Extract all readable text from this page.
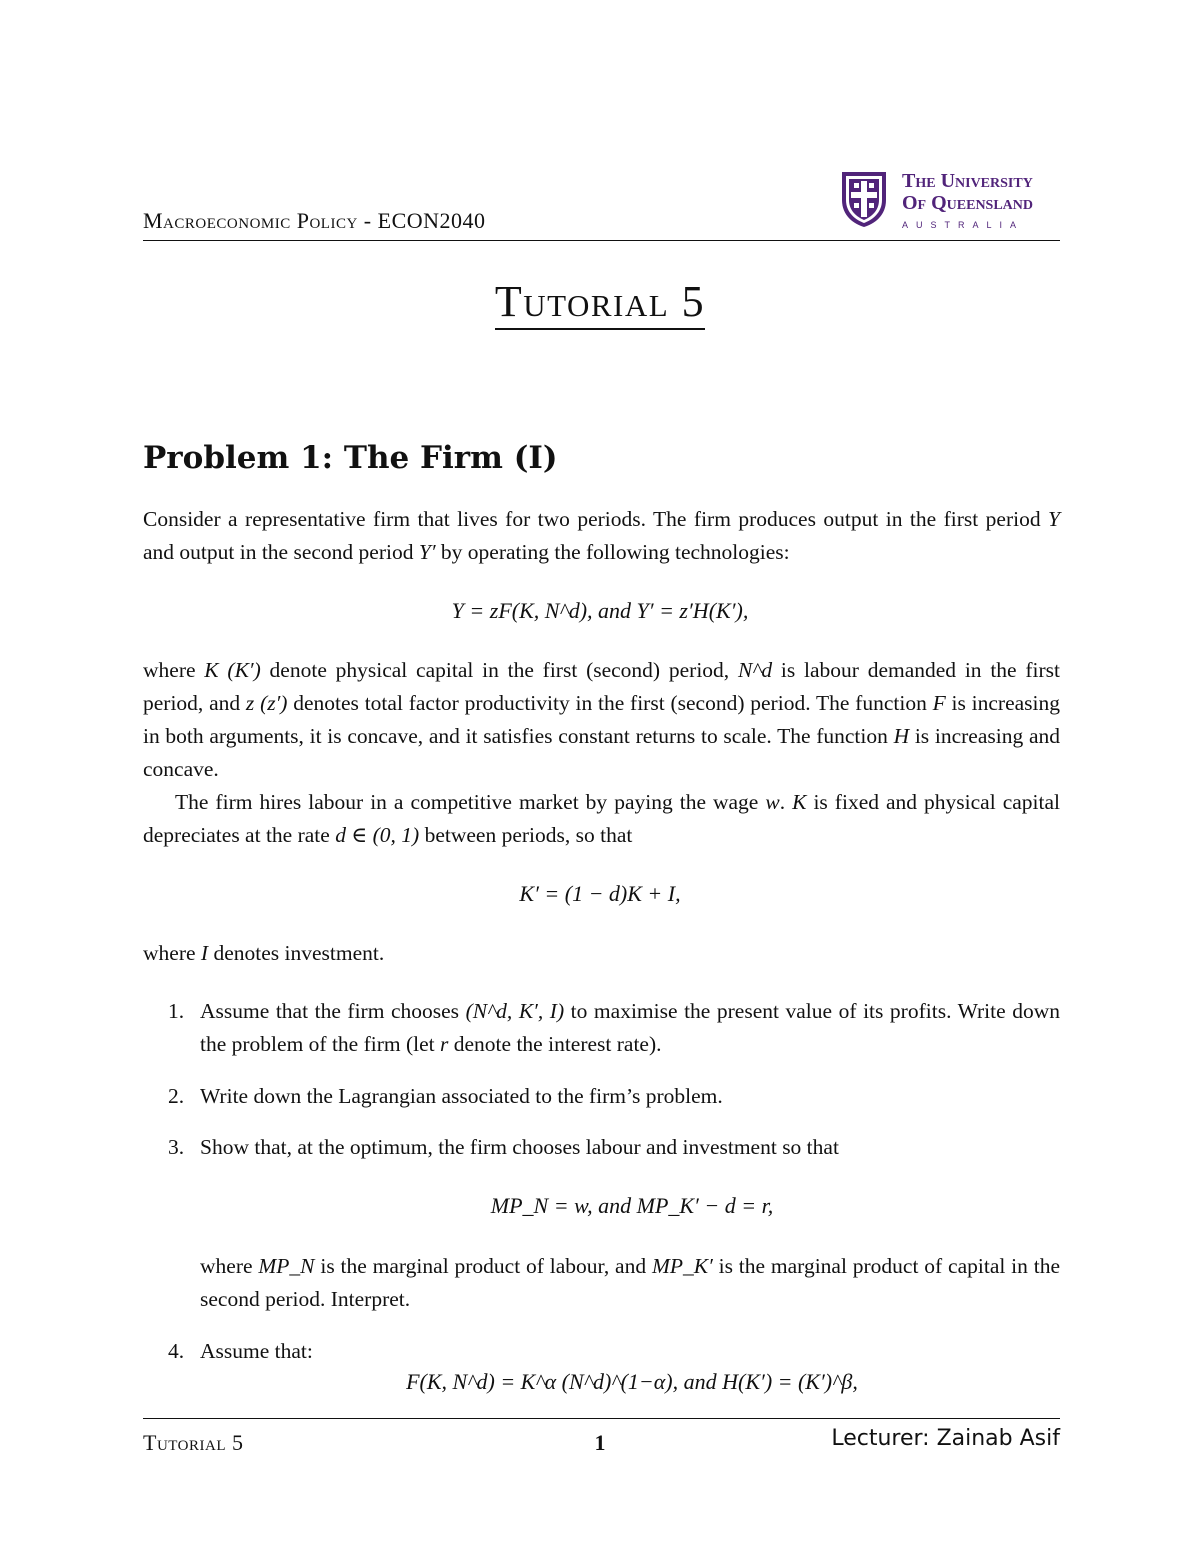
Macroeconomic Policy - ECON2040
The University
Of Queensland
AUSTRALIA
Tutorial 5
Problem 1: The Firm (I)
Consider a representative firm that lives for two periods. The firm produces output in the first period Y and output in the second period Y′ by operating the following technologies:
Y = zF(K, N^d), and Y′ = z′H(K′),
where K (K′) denote physical capital in the first (second) period, N^d is labour demanded in the first period, and z (z′) denotes total factor productivity in the first (second) period. The function F is increasing in both arguments, it is concave, and it satisfies constant returns to scale. The function H is increasing and concave.
The firm hires labour in a competitive market by paying the wage w. K is fixed and physical capital depreciates at the rate d ∈ (0, 1) between periods, so that
K′ = (1 − d)K + I,
where I denotes investment.
1. Assume that the firm chooses (N^d, K′, I) to maximise the present value of its profits. Write down the problem of the firm (let r denote the interest rate).
2. Write down the Lagrangian associated to the firm’s problem.
3. Show that, at the optimum, the firm chooses labour and investment so that
MP_N = w, and MP_K′ − d = r,
where MP_N is the marginal product of labour, and MP_K′ is the marginal product of capital in the second period. Interpret.
4. Assume that:
F(K, N^d) = K^α (N^d)^(1−α), and H(K′) = (K′)^β,
Tutorial 5	1	Lecturer: Zainab Asif
